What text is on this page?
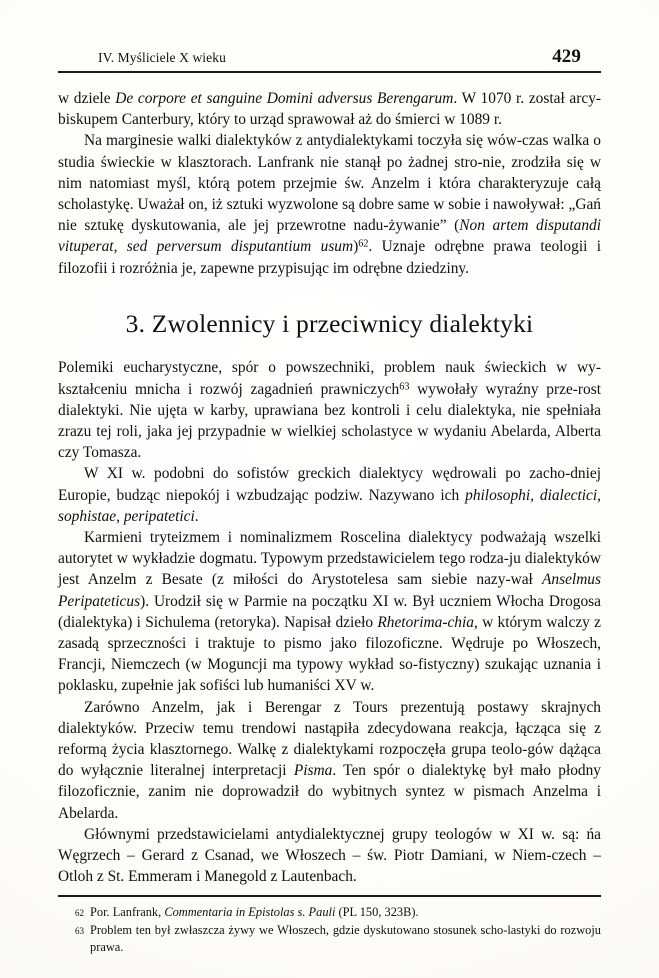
IV. Myśliciele X wieku	429

w dziele De corpore et sanguine Domini adversus Berengarum. W 1070 r. został arcy-biskupem Canterbury, który to urząd sprawował aż do śmierci w 1089 r.

Na marginesie walki dialektyków z antydialektykami toczyła się wów-czas walka o studia świeckie w klasztorach. Lanfrank nie stanął po żadnej stro-nie, zrodziła się w nim natomiast myśl, którą potem przejmie św. Anzelm i która charakteryzuje całą scholastykę. Uważał on, iż sztuki wyzwolone są dobre same w sobie i nawoływał: „Gań nie sztukę dyskutowania, ale jej przewrotne nadu-żywanie” (Non artem disputandi vituperat, sed perversum disputantium usum)$^{62}$. Uznaje odrębne prawa teologii i filozofii i rozróżnia je, zapewne przypisując im odrębne dziedziny.

3. Zwolennicy i przeciwnicy dialektyki

Polemiki eucharystyczne, spór o powszechniki, problem nauk świeckich w wy-kształceniu mnicha i rozwój zagadnień prawniczych$^{63}$ wywołały wyraźny prze-rost dialektyki. Nie ujęta w karby, uprawiana bez kontroli i celu dialektyka, nie spełniała zrazu tej roli, jaka jej przypadnie w wielkiej scholastyce w wydaniu Abelarda, Alberta czy Tomasza.

W XI w. podobni do sofistów greckich dialektycy wędrowali po zacho-dniej Europie, budząc niepokój i wzbudzając podziw. Nazywano ich philosophi, dialectici, sophistae, peripatetici.

Karmieni tryteizmem i nominalizmem Roscelina dialektycy podważają wszelki autorytet w wykładzie dogmatu. Typowym przedstawicielem tego rodza-ju dialektyków jest Anzelm z Besate (z miłości do Arystotelesa sam siebie nazy-wał Anselmus Peripateticus). Urodził się w Parmie na początku XI w. Był uczniem Włocha Drogosa (dialektyka) i Sichulema (retoryka). Napisał dzieło Rhetorima-chia, w którym walczy z zasadą sprzeczności i traktuje to pismo jako filozoficzne. Wędruje po Włoszech, Francji, Niemczech (w Moguncji ma typowy wykład so-fistyczny) szukając uznania i poklasku, zupełnie jak sofiści lub humaniści XV w.

Zarówno Anzelm, jak i Berengar z Tours prezentują postawy skrajnych dialektyków. Przeciw temu trendowi nastąpiła zdecydowana reakcja, łącząca się z reformą życia klasztornego. Walkę z dialektykami rozpoczęła grupa teolo-gów dążąca do wyłącznie literalnej interpretacji Pisma. Ten spór o dialektykę był mało płodny filozoficznie, zanim nie doprowadził do wybitnych syntez w pismach Anzelma i Abelarda.

Głównymi przedstawicielami antydialektycznej grupy teologów w XI w. są: ńa Węgrzech – Gerard z Csanad, we Włoszech – św. Piotr Damiani, w Niem-czech – Otloh z St. Emmeram i Manegold z Lautenbach.

62 Por. Lanfrank, Commentaria in Epistolas s. Pauli (PL 150, 323B).
63 Problem ten był zwłaszcza żywy we Włoszech, gdzie dyskutowano stosunek scho-lastyki do rozwoju prawa.
